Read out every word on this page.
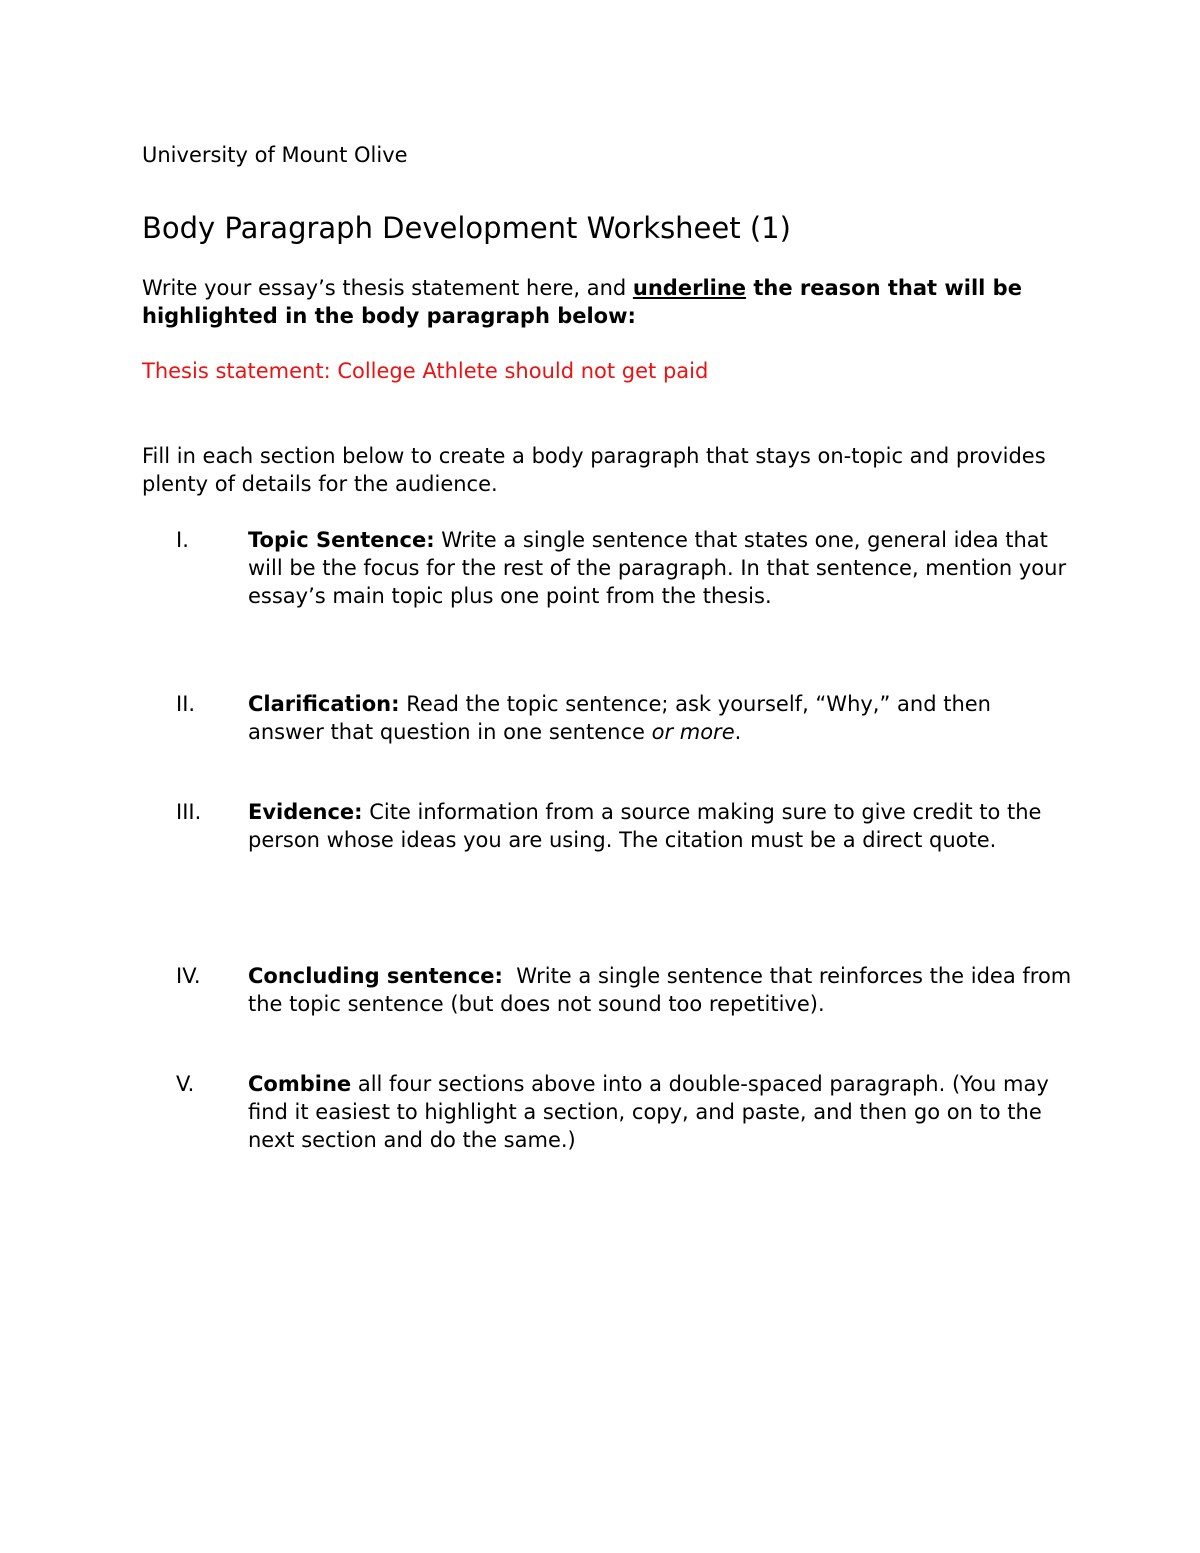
University of Mount Olive

Body Paragraph Development Worksheet (1)

Write your essay’s thesis statement here, and underline the reason that will be highlighted in the body paragraph below:

Thesis statement: College Athlete should not get paid

Fill in each section below to create a body paragraph that stays on-topic and provides plenty of details for the audience.

I.	Topic Sentence: Write a single sentence that states one, general idea that will be the focus for the rest of the paragraph. In that sentence, mention your essay’s main topic plus one point from the thesis.
II.	Clarification: Read the topic sentence; ask yourself, “Why,” and then answer that question in one sentence or more.
III. Evidence: Cite information from a source making sure to give credit to the person whose ideas you are using. The citation must be a direct quote.
IV. Concluding sentence:  Write a single sentence that reinforces the idea from the topic sentence (but does not sound too repetitive).
V.	Combine all four sections above into a double-spaced paragraph. (You may find it easiest to highlight a section, copy, and paste, and then go on to the next section and do the same.)
